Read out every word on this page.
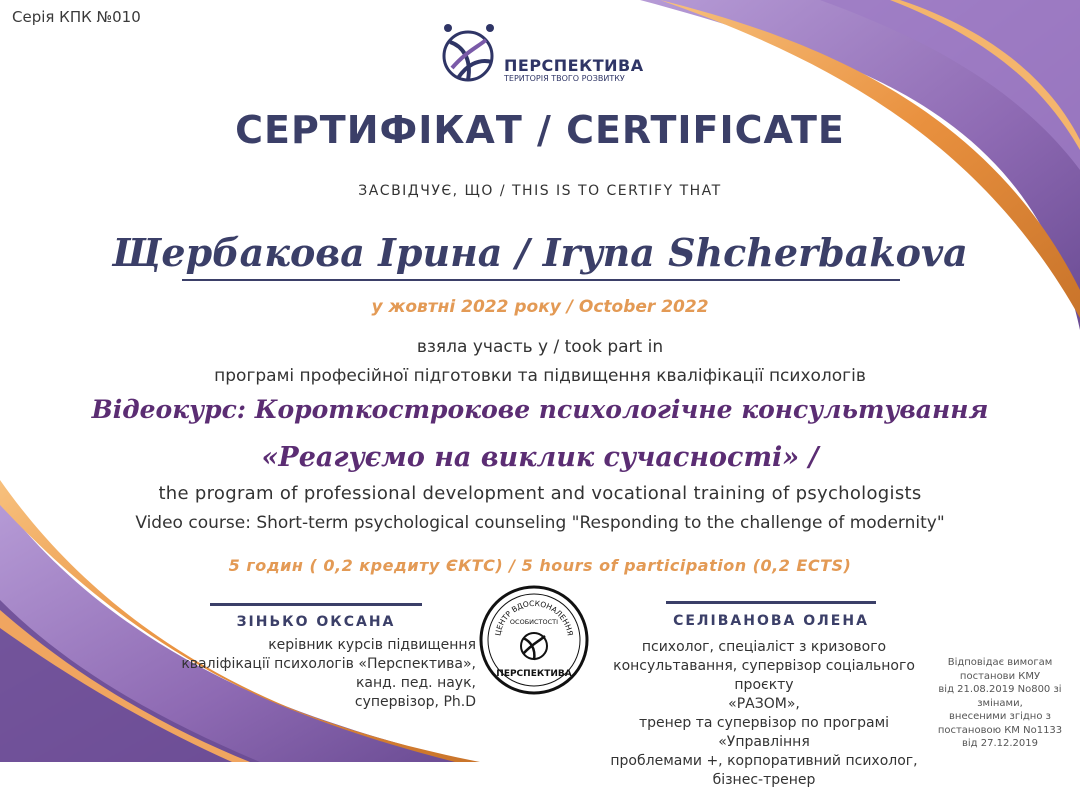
Серія КПК №010
ПЕРСПЕКТИВА
ТЕРИТОРІЯ ТВОГО РОЗВИТКУ
СЕРТИФІКАТ / CERTIFICATE
ЗАСВІДЧУЄ, ЩО / THIS IS TO CERTIFY THAT
Щербакова Ірина / Iryna Shcherbakova
у жовтні 2022 року / October 2022
взяла участь у / took part in
програмі професійної підготовки та підвищення кваліфікації психологів
Відеокурс: Короткострокове психологічне консультування
«Реагуємо на виклик сучасності» /
the program of professional development and vocational training of psychologists
Video course: Short-term psychological counseling "Responding to the challenge of modernity"
5 годин ( 0,2 кредиту ЄКТС) / 5 hours of participation (0,2 ECTS)
ЗІНЬКО ОКСАНА
керівник курсів підвищення
кваліфікації психологів «Перспектива»,
канд. пед. наук,
супервізор, Ph.D
ЦЕНТР ВДОСКОНАЛЕННЯ
ОСОБИСТОСТІ
ПЕРСПЕКТИВА
СЕЛІВАНОВА ОЛЕНА
психолог, спеціаліст з кризового
консультавання, супервізор соціального проєкту
«РАЗОМ»,
тренер та супервізор по програмі «Управління
проблемами +, корпоративний психолог,
бізнес-тренер
Відповідає вимогам
постанови КМУ
від 21.08.2019 No800 зі
змінами,
внесеними згідно з
постановою КМ No1133
від 27.12.2019
